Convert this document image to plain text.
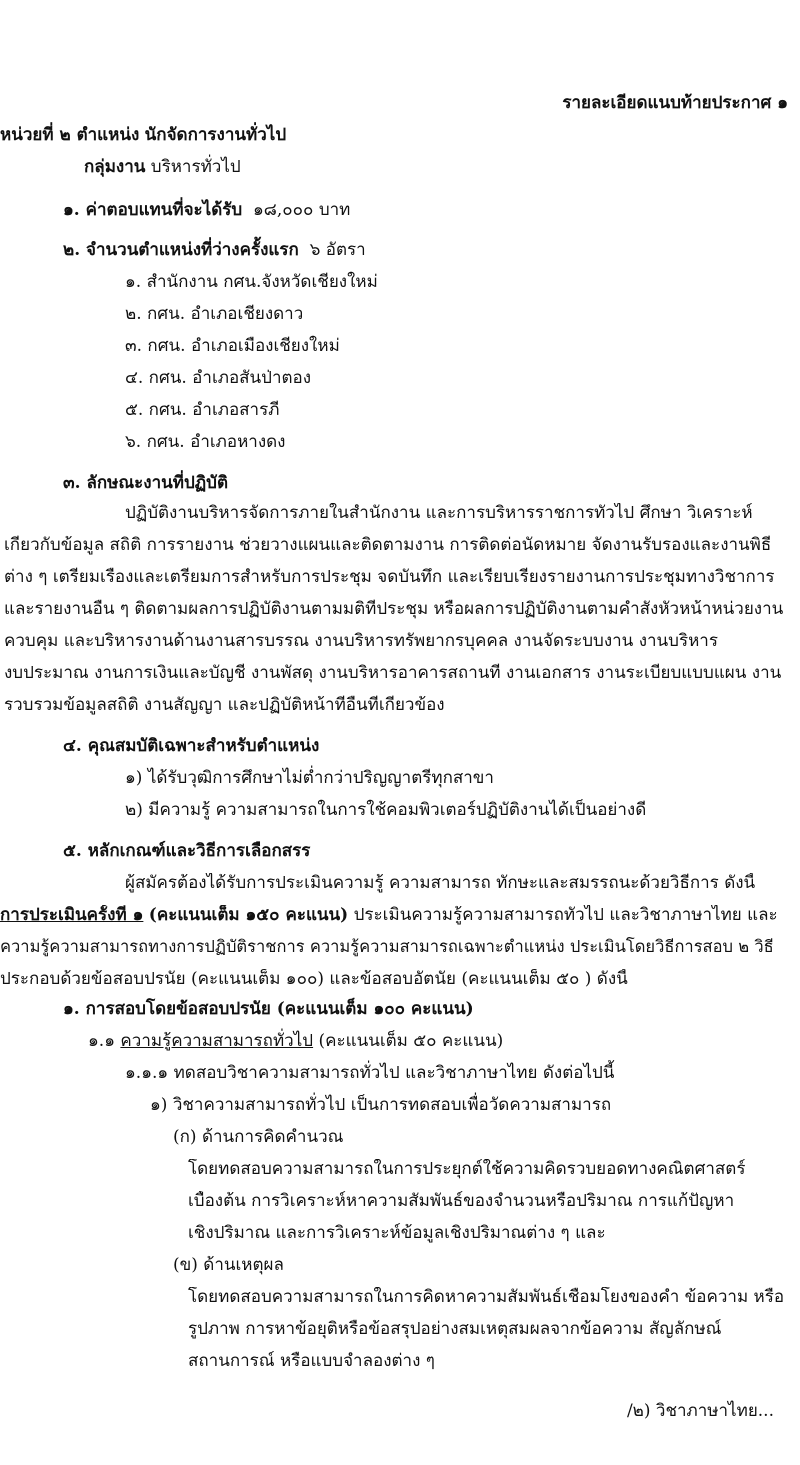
รายละเอียดแนบท้ายประกาศ ๑
หน่วยที่ ๒ ตำแหน่ง นักจัดการงานทั่วไป
กลุ่มงาน บริหารทั่วไป
๑. ค่าตอบแทนที่จะได้รับ ๑๘,๐๐๐ บาท
๒. จำนวนตำแหน่งที่ว่างครั้งแรก ๖ อัตรา
๑. สำนักงาน กศน.จังหวัดเชียงใหม่
๒. กศน. อำเภอเชียงดาว
๓. กศน. อำเภอเมืองเชียงใหม่
๔. กศน. อำเภอสันป่าตอง
๕. กศน. อำเภอสารภี
๖. กศน. อำเภอหางดง
๓. ลักษณะงานที่ปฏิบัติ
ปฏิบัติงานบริหารจัดการภายในสำนักงาน และการบริหารราชการทั่วไป ศึกษา วิเคราะห์
เกี่ยวกับข้อมูล สถิติ การรายงาน ช่วยวางแผนและติดตามงาน การติดต่อนัดหมาย จัดงานรับรองและงานพิธี
ต่าง ๆ เตรียมเรื่องและเตรียมการสำหรับการประชุม จดบันทึก และเรียบเรียงรายงานการประชุมทางวิชาการ
และรายงานอื่น ๆ ติดตามผลการปฏิบัติงานตามมติที่ประชุม หรือผลการปฏิบัติงานตามคำสั่งหัวหน้าหน่วยงาน
ควบคุม และบริหารงานด้านงานสารบรรณ งานบริหารทรัพยากรบุคคล งานจัดระบบงาน งานบริหาร
งบประมาณ งานการเงินและบัญชี งานพัสดุ งานบริหารอาคารสถานที่ งานเอกสาร งานระเบียบแบบแผน งาน
รวบรวมข้อมูลสถิติ งานสัญญา และปฏิบัติหน้าที่อื่นที่เกี่ยวข้อง
๔. คุณสมบัติเฉพาะสำหรับตำแหน่ง
๑) ได้รับวุฒิการศึกษาไม่ต่ำกว่าปริญญาตรีทุกสาขา
๒) มีความรู้ ความสามารถในการใช้คอมพิวเตอร์ปฏิบัติงานได้เป็นอย่างดี
๕. หลักเกณฑ์และวิธีการเลือกสรร
ผู้สมัครต้องได้รับการประเมินความรู้ ความสามารถ ทักษะและสมรรถนะด้วยวิธีการ ดังนี้
การประเมินครั้งที่ ๑ (คะแนนเต็ม ๑๕๐ คะแนน) ประเมินความรู้ความสามารถทั่วไป และวิชาภาษาไทย และ
ความรู้ความสามารถทางการปฏิบัติราชการ ความรู้ความสามารถเฉพาะตำแหน่ง ประเมินโดยวิธีการสอบ ๒ วิธี
ประกอบด้วยข้อสอบปรนัย (คะแนนเต็ม ๑๐๐) และข้อสอบอัตนัย (คะแนนเต็ม ๕๐ ) ดังนี้
๑. การสอบโดยข้อสอบปรนัย (คะแนนเต็ม ๑๐๐ คะแนน)
๑.๑ ความรู้ความสามารถทั่วไป (คะแนนเต็ม ๕๐ คะแนน)
๑.๑.๑ ทดสอบวิชาความสามารถทั่วไป และวิชาภาษาไทย ดังต่อไปนี้
๑) วิชาความสามารถทั่วไป เป็นการทดสอบเพื่อวัดความสามารถ
(ก) ด้านการคิดคำนวณ
โดยทดสอบความสามารถในการประยุกต์ใช้ความคิดรวบยอดทางคณิตศาสตร์
เบื้องต้น การวิเคราะห์หาความสัมพันธ์ของจำนวนหรือปริมาณ การแก้ปัญหา
เชิงปริมาณ และการวิเคราะห์ข้อมูลเชิงปริมาณต่าง ๆ และ
(ข) ด้านเหตุผล
โดยทดสอบความสามารถในการคิดหาความสัมพันธ์เชื่อมโยงของคำ ข้อความ หรือ
รูปภาพ การหาข้อยุติหรือข้อสรุปอย่างสมเหตุสมผลจากข้อความ สัญลักษณ์
สถานการณ์ หรือแบบจำลองต่าง ๆ
/๒) วิชาภาษาไทย...
